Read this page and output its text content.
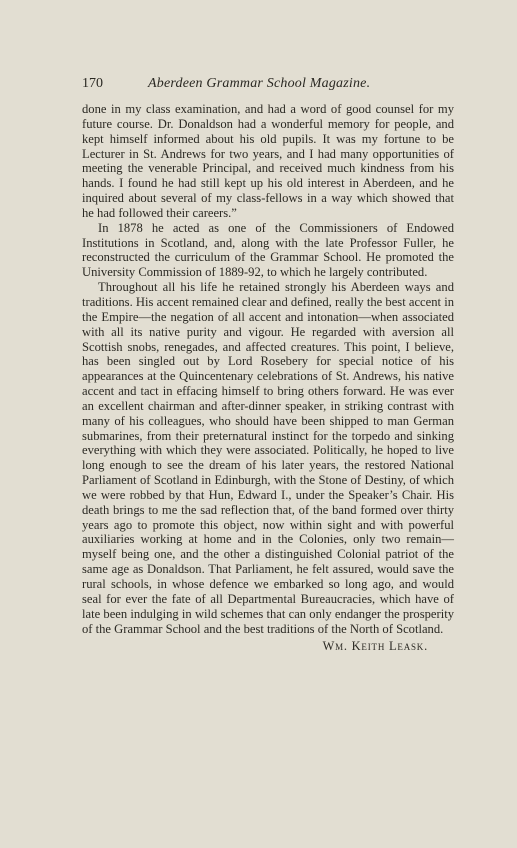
170	Aberdeen Grammar School Magazine.

done in my class examination, and had a word of good counsel for my future course. Dr. Donaldson had a wonderful memory for people, and kept himself informed about his old pupils. It was my fortune to be Lecturer in St. Andrews for two years, and I had many opportunities of meeting the venerable Principal, and received much kindness from his hands. I found he had still kept up his old interest in Aberdeen, and he inquired about several of my class-fellows in a way which showed that he had followed their careers.”

In 1878 he acted as one of the Commissioners of Endowed Institutions in Scotland, and, along with the late Professor Fuller, he reconstructed the curriculum of the Grammar School. He promoted the University Commission of 1889-92, to which he largely contributed.

Throughout all his life he retained strongly his Aberdeen ways and traditions. His accent remained clear and defined, really the best accent in the Empire—the negation of all accent and intonation—when associated with all its native purity and vigour. He regarded with aversion all Scottish snobs, renegades, and affected creatures. This point, I believe, has been singled out by Lord Rosebery for special notice of his appearances at the Quincentenary celebrations of St. Andrews, his native accent and tact in effacing himself to bring others forward. He was ever an excellent chairman and after-dinner speaker, in striking contrast with many of his colleagues, who should have been shipped to man German submarines, from their preternatural instinct for the torpedo and sinking everything with which they were associated. Politically, he hoped to live long enough to see the dream of his later years, the restored National Parliament of Scotland in Edinburgh, with the Stone of Destiny, of which we were robbed by that Hun, Edward I., under the Speaker’s Chair. His death brings to me the sad reflection that, of the band formed over thirty years ago to promote this object, now within sight and with powerful auxiliaries working at home and in the Colonies, only two remain—myself being one, and the other a distinguished Colonial patriot of the same age as Donaldson. That Parliament, he felt assured, would save the rural schools, in whose defence we embarked so long ago, and would seal for ever the fate of all Departmental Bureaucracies, which have of late been indulging in wild schemes that can only endanger the prosperity of the Grammar School and the best traditions of the North of Scotland.

Wm. Keith Leask.
